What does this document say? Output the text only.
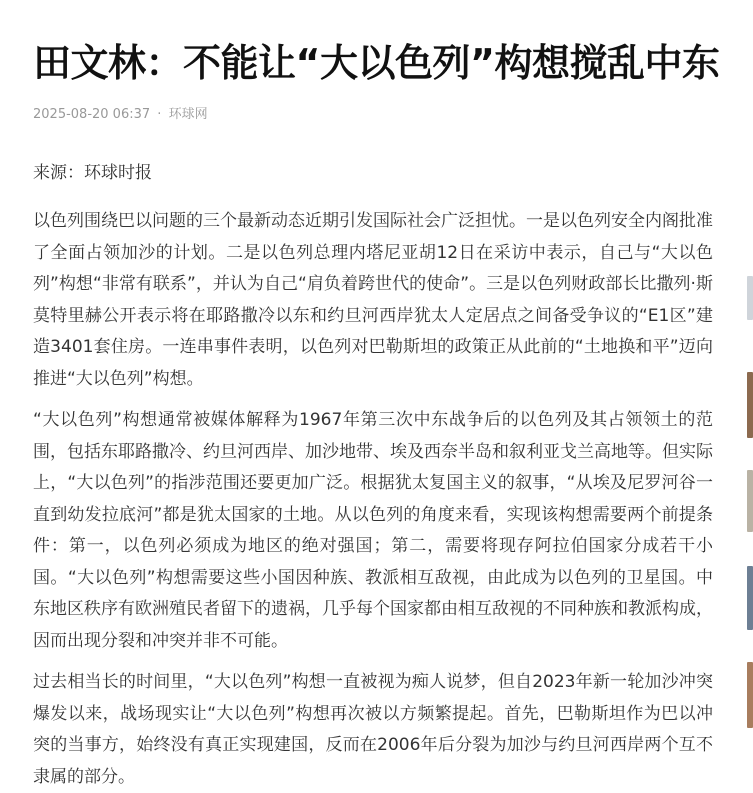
田文林：不能让“大以色列”构想搅乱中东
2025-08-20 06:37 · 环球网

来源：环球时报

以色列围绕巴以问题的三个最新动态近期引发国际社会广泛担忧。一是以色列安全内阁批准了全面占领加沙的计划。二是以色列总理内塔尼亚胡12日在采访中表示，自己与“大以色列”构想“非常有联系”，并认为自己“肩负着跨世代的使命”。三是以色列财政部长比撒列·斯莫特里赫公开表示将在耶路撒冷以东和约旦河西岸犹太人定居点之间备受争议的“E1区”建造3401套住房。一连串事件表明，以色列对巴勒斯坦的政策正从此前的“土地换和平”迈向推进“大以色列”构想。

“大以色列”构想通常被媒体解释为1967年第三次中东战争后的以色列及其占领领土的范围，包括东耶路撒冷、约旦河西岸、加沙地带、埃及西奈半岛和叙利亚戈兰高地等。但实际上，“大以色列”的指涉范围还要更加广泛。根据犹太复国主义的叙事，“从埃及尼罗河谷一直到幼发拉底河”都是犹太国家的土地。从以色列的角度来看，实现该构想需要两个前提条件：第一，以色列必须成为地区的绝对强国；第二，需要将现存阿拉伯国家分成若干小国。“大以色列”构想需要这些小国因种族、教派相互敌视，由此成为以色列的卫星国。中东地区秩序有欧洲殖民者留下的遗祸，几乎每个国家都由相互敌视的不同种族和教派构成，因而出现分裂和冲突并非不可能。

过去相当长的时间里，“大以色列”构想一直被视为痴人说梦，但自2023年新一轮加沙冲突爆发以来，战场现实让“大以色列”构想再次被以方频繁提起。首先，巴勒斯坦作为巴以冲突的当事方，始终没有真正实现建国，反而在2006年后分裂为加沙与约旦河西岸两个互不隶属的部分。
